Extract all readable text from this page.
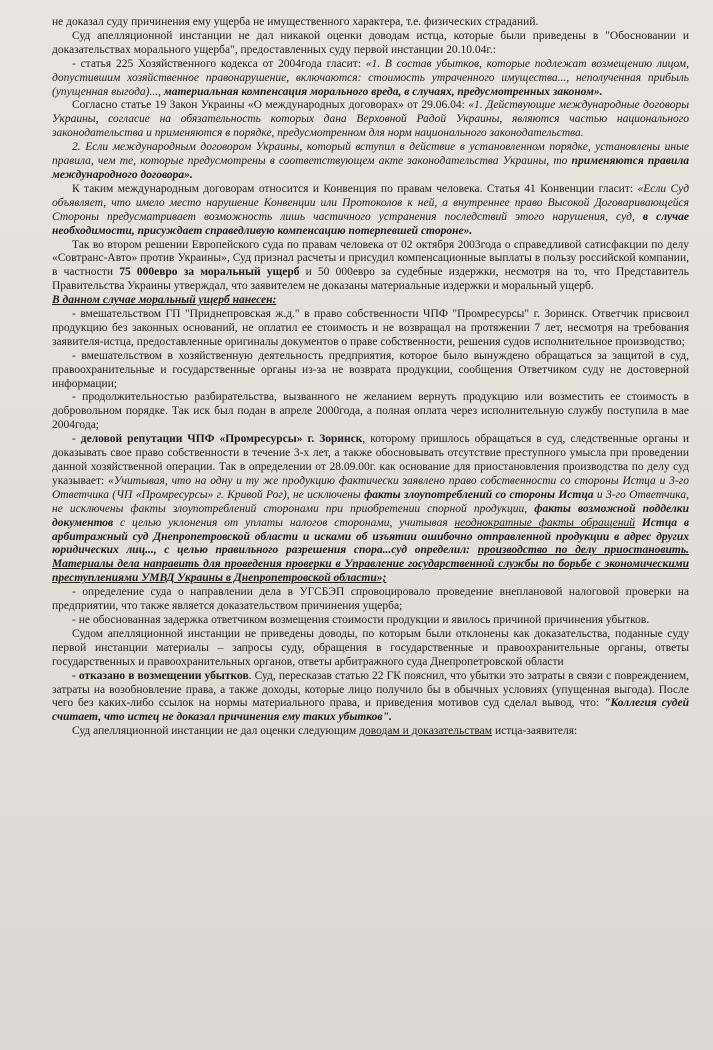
не доказал суду причинения ему ущерба не имущественного характера, т.е. физических страданий.

Суд апелляционной инстанции не дал никакой оценки доводам истца, которые были приведены в "Обосновании и доказательствах морального ущерба", предоставленных суду первой инстанции 20.10.04г.:

- статья 225 Хозяйственного кодекса от 2004года гласит: «1. В состав убытков, которые подлежат возмещению лицом, допустившим хозяйственное правонарушение, включаются: стоимость утраченного имущества..., неполученная прибыль (упущенная выгода)..., материальная компенсация морального вреда, в случаях, предусмотренных законом».

Согласно статье 19 Закон Украины «О международных договорах» от 29.06.04: «1. Действующие международные договоры Украины, согласие на обязательность которых дана Верховной Радой Украины, являются частью национального законодательства и применяются в порядке, предусмотренном для норм национального законодательства.

2. Если международным договором Украины, который вступил в действие в установленном порядке, установлены иные правила, чем те, которые предусмотрены в соответствующем акте законодательства Украины, то применяются правила международного договора».

К таким международным договорам относится и Конвенция по правам человека. Статья 41 Конвенции гласит: «Если Суд объявляет, что имело место нарушение Конвенции или Протоколов к ней, а внутреннее право Высокой Договаривающейся Стороны предусматривает возможность лишь частичного устранения последствий этого нарушения, суд, в случае необходимости, присуждает справедливую компенсацию потерпевшей стороне».

Так во втором решении Европейского суда по правам человека от 02 октября 2003года о справедливой сатисфакции по делу «Совтранс-Авто» против Украины», Суд признал расчеты и присудил компенсационные выплаты в пользу российской компании, в частности 75 000евро за моральный ущерб и 50 000евро за судебные издержки, несмотря на то, что Представитель Правительства Украины утверждал, что заявителем не доказаны материальные издержки и моральный ущерб.

В данном случае моральный ущерб нанесен:

- вмешательством ГП "Приднепровская ж.д." в право собственности ЧПФ "Промресурсы" г. Зоринск. Ответчик присвоил продукцию без законных оснований, не оплатил ее стоимость и не возвращал на протяжении 7 лет, несмотря на требования заявителя-истца, предоставленные оригиналы документов о праве собственности, решения судов исполнительное производство;

- вмешательством в хозяйственную деятельность предприятия, которое было вынуждено обращаться за защитой в суд, правоохранительные и государственные органы из-за не возврата продукции, сообщения Ответчиком суду не достоверной информации;

- продолжительностью разбирательства, вызванного не желанием вернуть продукцию или возместить ее стоимость в добровольном порядке. Так иск был подан в апреле 2000года, а полная оплата через исполнительную службу поступила в мае 2004года;

- деловой репутации ЧПФ «Промресурсы» г. Зоринск, которому пришлось обращаться в суд, следственные органы и доказывать свое право собственности в течение 3-х лет, а также обосновывать отсутствие преступного умысла при проведении данной хозяйственной операции. Так в определении от 28.09.00г. как основание для приостановления производства по делу суд указывает: «Учитывая, что на одну и ту же продукцию фактически заявлено право собственности со стороны Истца и 3-го Ответчика (ЧП «Промресурсы» г. Кривой Рог), не исключены факты злоупотреблений со стороны Истца и 3-го Ответчика, не исключены факты злоупотреблений сторонами при приобретении спорной продукции, факты возможной подделки документов с целью уклонения от уплаты налогов сторонами, учитывая неоднократные факты обращений Истца в арбитражный суд Днепропетровской области и исками об изъятии ошибочно отправленной продукции в адрес других юридических лиц..., с целью правильного разрешения спора...суд определил: производство по делу приостановить. Материалы дела направить для проведения проверки в Управление государственной службы по борьбе с экономическими преступлениями УМВД Украины в Днепропетровской области»;

- определение суда о направлении дела в УГСБЭП спровоцировало проведение внеплановой налоговой проверки на предприятии, что также является доказательством причинения ущерба;

- не обоснованная задержка ответчиком возмещения стоимости продукции и явилось причиной причинения убытков.

Судом апелляционной инстанции не приведены доводы, по которым были отклонены как доказательства, поданные суду первой инстанции материалы – запросы суду, обращения в государственные и правоохранительные органы, ответы государственных и правоохранительных органов, ответы арбитражного суда Днепропетровской области

- отказано в возмещении убытков. Суд, пересказав статью 22 ГК пояснил, что убытки это затраты в связи с повреждением, затраты на возобновление права, а также доходы, которые лицо получило бы в обычных условиях (упущенная выгода). После чего без каких-либо ссылок на нормы материального права, и приведения мотивов суд сделал вывод, что: "Коллегия судей считает, что истец не доказал причинения ему таких убытков".

Суд апелляционной инстанции не дал оценки следующим доводам и доказательствам истца-заявителя:
